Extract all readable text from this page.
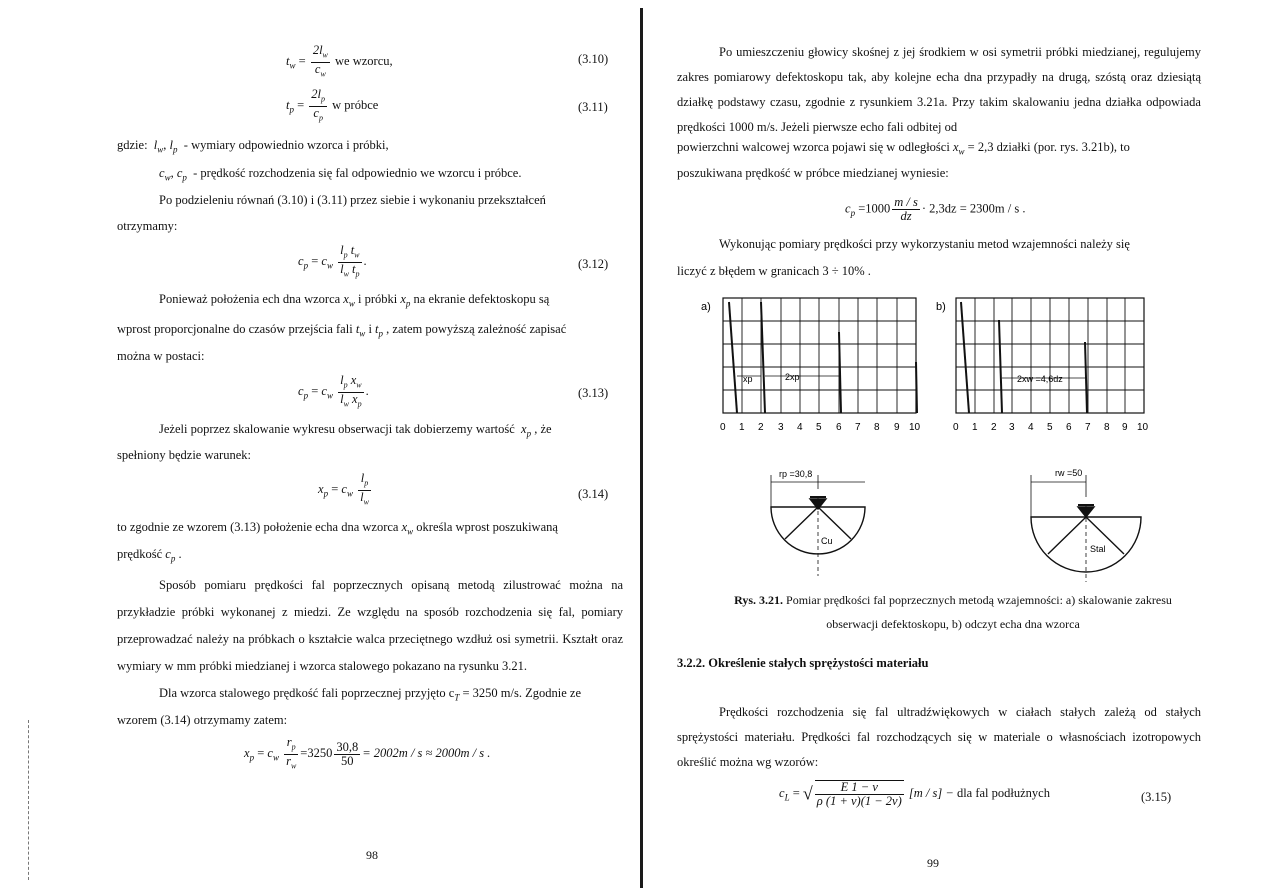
$t_w = \frac{2l_w}{c_w}$ we wzorcu,	(3.10)
$t_p = \frac{2l_p}{c_p}$ w próbce	(3.11)
gdzie: $l_w$, $l_p$ - wymiary odpowiednio wzorca i próbki,
$c_w$, $c_p$ - prędkość rozchodzenia się fal odpowiednio we wzorcu i próbce.
Po podzieleniu równań (3.10) i (3.11) przez siebie i wykonaniu przekształceń
otrzymamy:
$c_p = c_w \frac{l_p t_w}{l_w t_p}$ .	(3.12)
Ponieważ położenia ech dna wzorca $x_w$ i próbki $x_p$ na ekranie defektoskopu są
wprost proporcjonalne do czasów przejścia fali $t_w$ i $t_p$ , zatem powyższą zależność zapisać
można w postaci:
$c_p = c_w \frac{l_p x_w}{l_w x_p}$ .	(3.13)
Jeżeli poprzez skalowanie wykresu obserwacji tak dobierzemy wartość $x_p$ , że
spełniony będzie warunek:
$x_p = c_w \frac{l_p}{l_w}$	(3.14)
to zgodnie ze wzorem (3.13) położenie echa dna wzorca $x_w$ określa wprost poszukiwaną
prędkość $c_p$ .
Sposób pomiaru prędkości fal poprzecznych opisaną metodą zilustrować można na przykładzie próbki wykonanej z miedzi. Ze względu na sposób rozchodzenia się fal, pomiary przeprowadzać należy na próbkach o kształcie walca przeciętnego wzdłuż osi symetrii. Kształt oraz wymiary w mm próbki miedzianej i wzorca stalowego pokazano na rysunku 3.21.
Dla wzorca stalowego prędkość fali poprzecznej przyjęto $c_T = 3250$ m/s. Zgodnie ze
wzorem (3.14) otrzymamy zatem:
$x_p = c_w \frac{r_p}{r_w} =3250 \frac{30,8}{50} = 2002m / s \approx 2000m / s$ .
98
Po umieszczeniu głowicy skośnej z jej środkiem w osi symetrii próbki miedzianej, regulujemy zakres pomiarowy defektoskopu tak, aby kolejne echa dna przypadły na drugą, szóstą oraz dziesiątą działkę podstawy czasu, zgodnie z rysunkiem 3.21a. Przy takim skalowaniu jedna działka odpowiada prędkości 1000 m/s. Jeżeli pierwsze echo fali odbitej od
powierzchni walcowej wzorca pojawi się w odległości $x_w = 2,3$ działki (por. rys. 3.21b), to
poszukiwana prędkość w próbce miedzianej wyniesie:
$c_p =1000 \frac{m / s}{dz} \cdot 2,3dz = 2300m / s$ .
Wykonując pomiary prędkości przy wykorzystaniu metod wzajemności należy się
liczyć z błędem w granicach 3 ÷ 10% .
a)
xp	2xp
0 1 2 3 4 5 6 7 8 9 10
b)
2xw =4,6dz
0 1 2 3 4 5 6 7 8 9 10
rp =30,8
Cu
rw =50
Stal
Rys. 3.21. Pomiar prędkości fal poprzecznych metodą wzajemności: a) skalowanie zakresu
obserwacji defektoskopu, b) odczyt echa dna wzorca
3.2.2. Określenie stałych sprężystości materiału
Prędkości rozchodzenia się fal ultradźwiękowych w ciałach stałych zależą od stałych sprężystości materiału. Prędkości fal rozchodzących się w materiale o własnościach izotropowych określić można wg wzorów:
$c_L$ = √ $\frac{E 1 - \nu}{\rho (1 + \nu)(1 - 2\nu)} [m / s]$ − dla fal podłużnych	(3.15)
99
